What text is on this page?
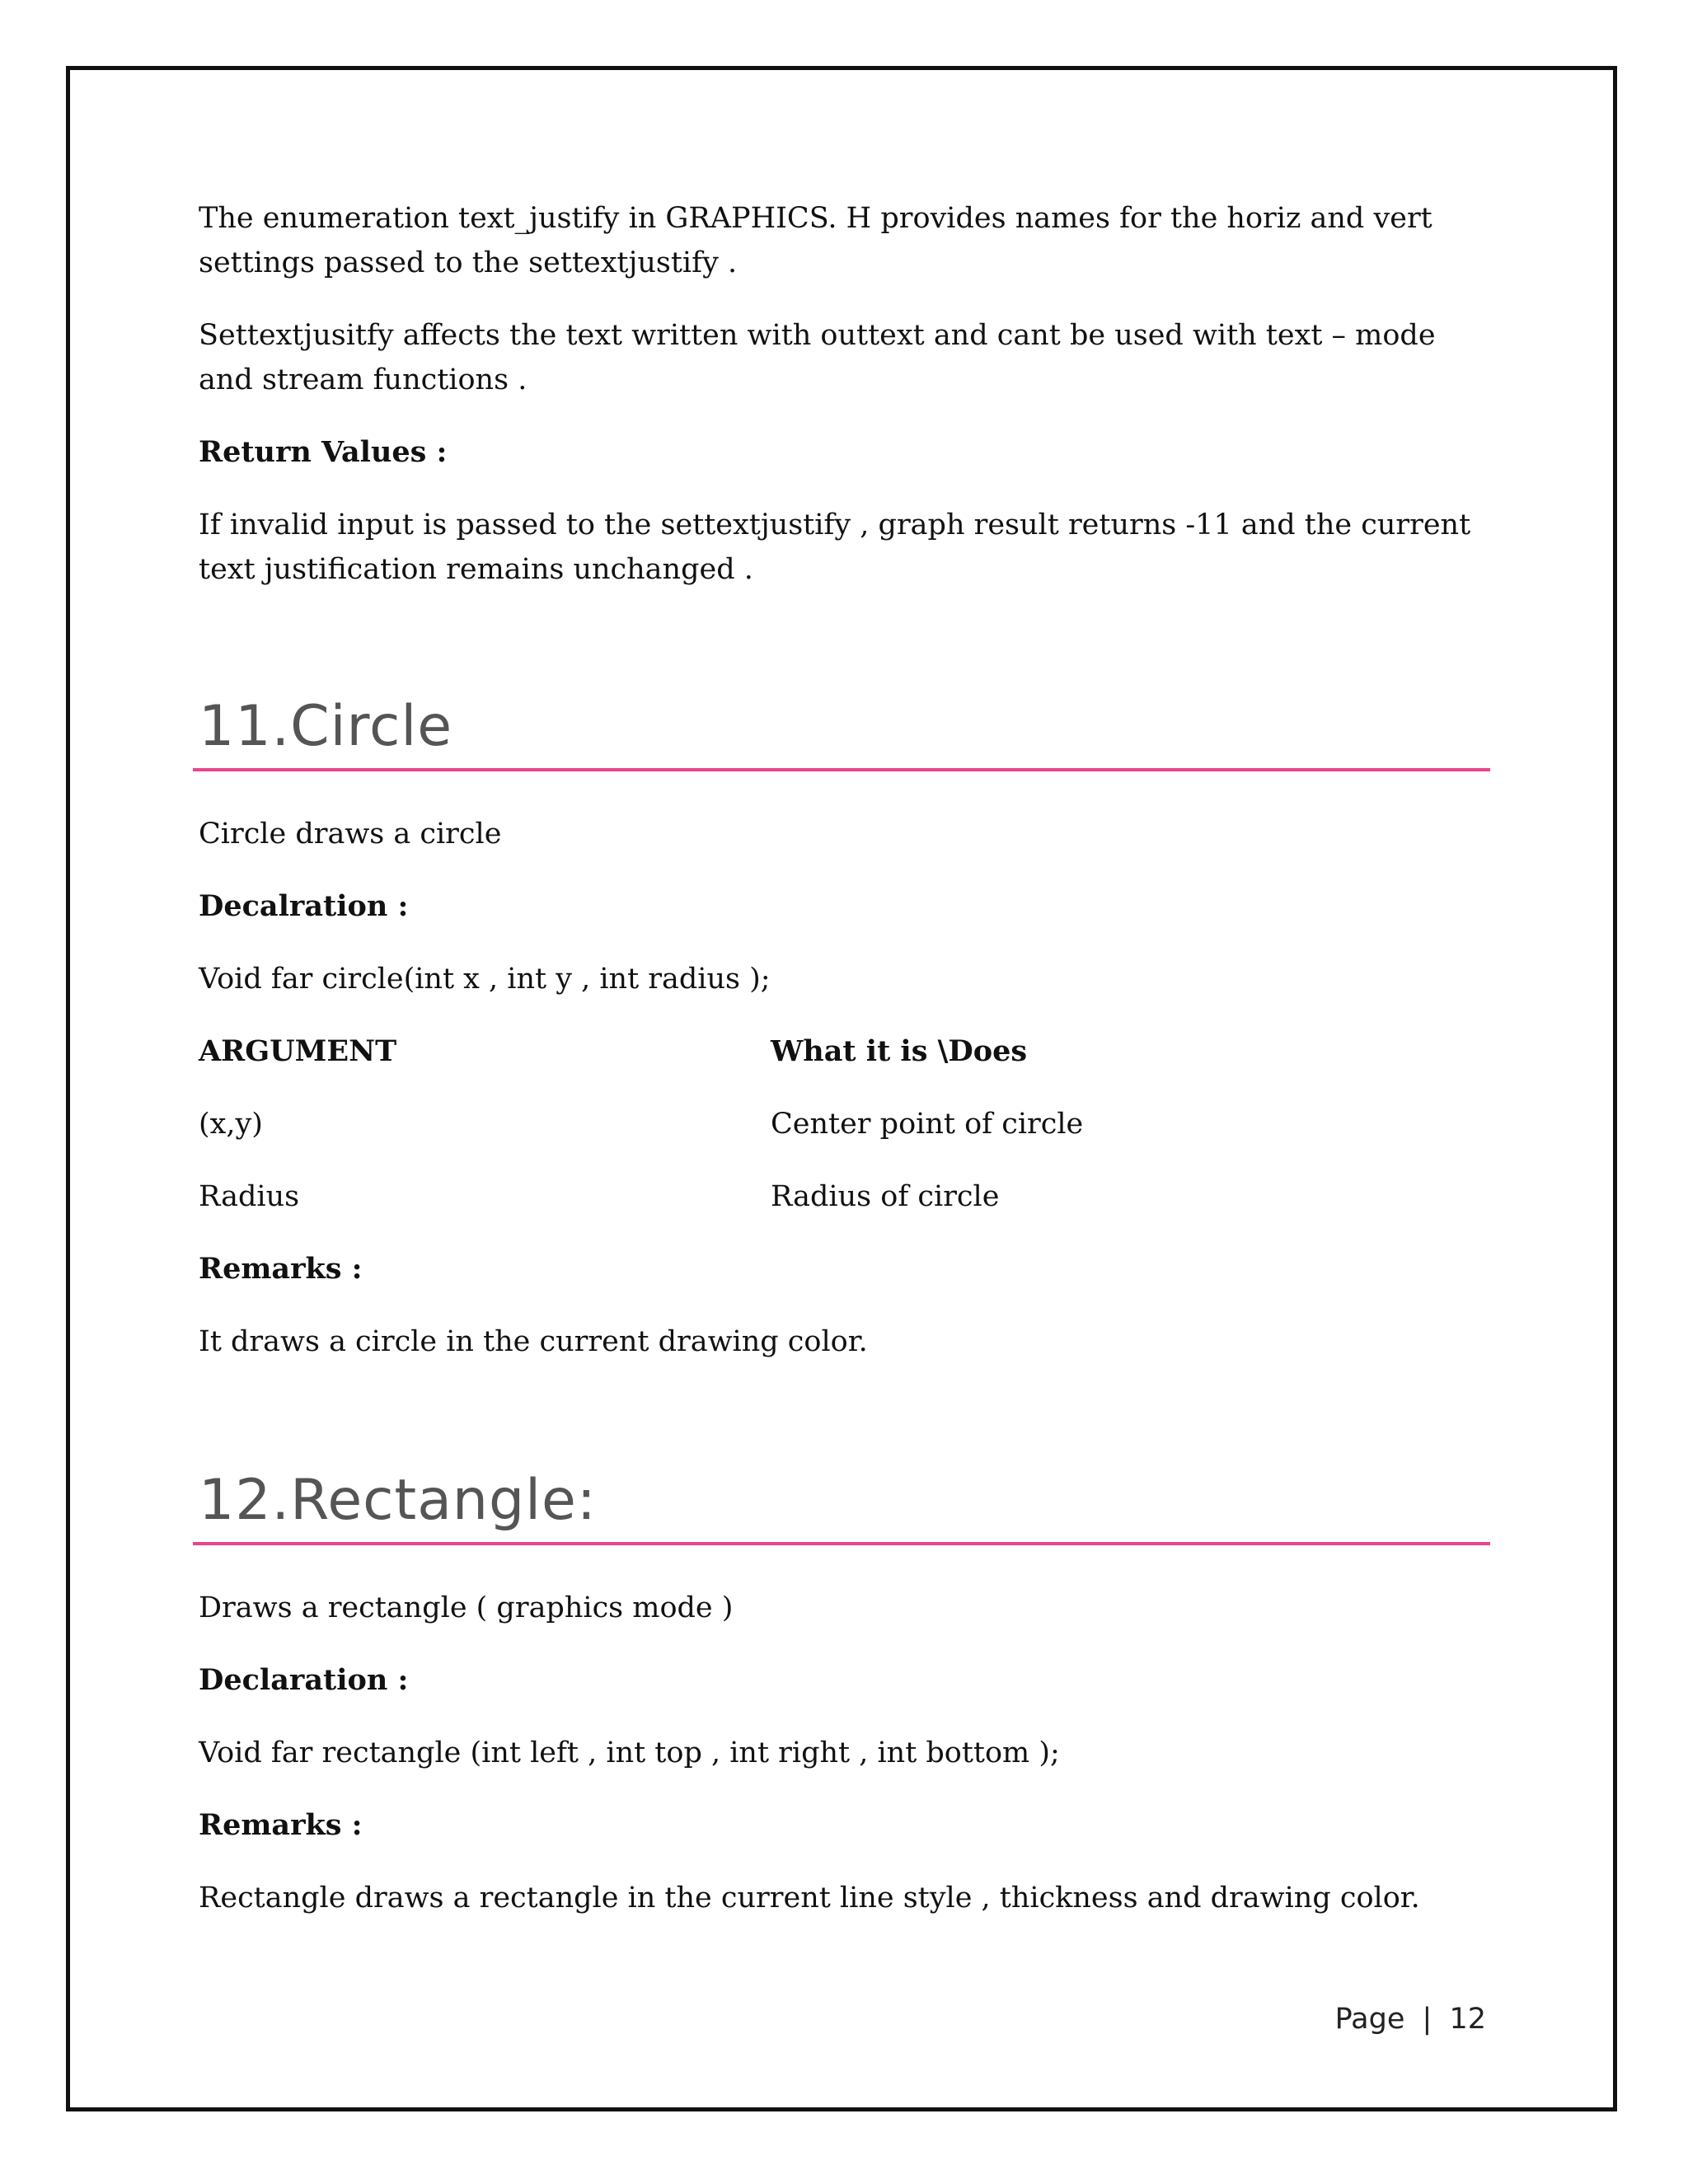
The enumeration text_justify in GRAPHICS. H provides names for the horiz and vert settings passed to the settextjustify .

Settextjusitfy affects the text written with outtext and cant be used with text – mode and stream functions .

Return Values :

If invalid input is passed to the settextjustify , graph result returns -11 and the current text justification remains unchanged .

11.Circle

Circle draws a circle

Decalration :

Void far circle(int x , int y , int radius );

ARGUMENT	What it is \Does
(x,y)	Center point of circle
Radius	Radius of circle

Remarks :

It draws a circle in the current drawing color.

12.Rectangle:

Draws a rectangle ( graphics mode )

Declaration :

Void far rectangle (int left , int top , int right , int bottom );

Remarks :

Rectangle draws a rectangle in the current line style , thickness and drawing color.

Page | 12
